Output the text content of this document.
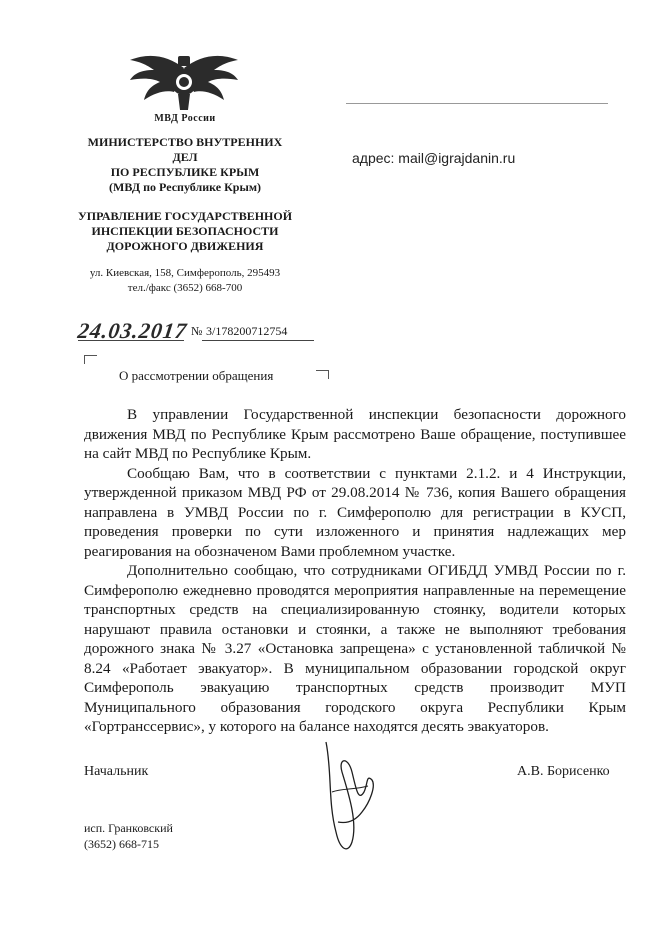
МВД России
МИНИСТЕРСТВО ВНУТРЕННИХ
ДЕЛ
ПО РЕСПУБЛИКЕ КРЫМ
(МВД по Республике Крым)
УПРАВЛЕНИЕ ГОСУДАРСТВЕННОЙ
ИНСПЕКЦИИ БЕЗОПАСНОСТИ
ДОРОЖНОГО ДВИЖЕНИЯ
ул. Киевская, 158, Симферополь, 295493
тел./факс (3652) 668-700
24.03.2017 № 3/178200712754
О рассмотрении обращения
адрес: mail@igrajdanin.ru

В управлении Государственной инспекции безопасности дорожного движения МВД по Республике Крым рассмотрено Ваше обращение, поступившее на сайт МВД по Республике Крым.

Сообщаю Вам, что в соответствии с пунктами 2.1.2. и 4 Инструкции, утвержденной приказом МВД РФ от 29.08.2014 № 736, копия Вашего обращения направлена в УМВД России по г. Симферополю для регистрации в КУСП, проведения проверки по сути изложенного и принятия надлежащих мер реагирования на обозначеном Вами проблемном участке.

Дополнительно сообщаю, что сотрудниками ОГИБДД УМВД России по г. Симферополю ежедневно проводятся мероприятия направленные на перемещение транспортных средств на специализированную стоянку, водители которых нарушают правила остановки и стоянки, а также не выполняют требования дорожного знака № 3.27 «Остановка запрещена» с установленной табличкой № 8.24 «Работает эвакуатор». В муниципальном образовании городской округ Симферополь эвакуацию транспортных средств производит МУП Муниципального образования городского округа Республики Крым «Гортранссервис», у которого на балансе находятся десять эвакуаторов.

Начальник	А.В. Борисенко
исп. Гранковский
(3652) 668-715
